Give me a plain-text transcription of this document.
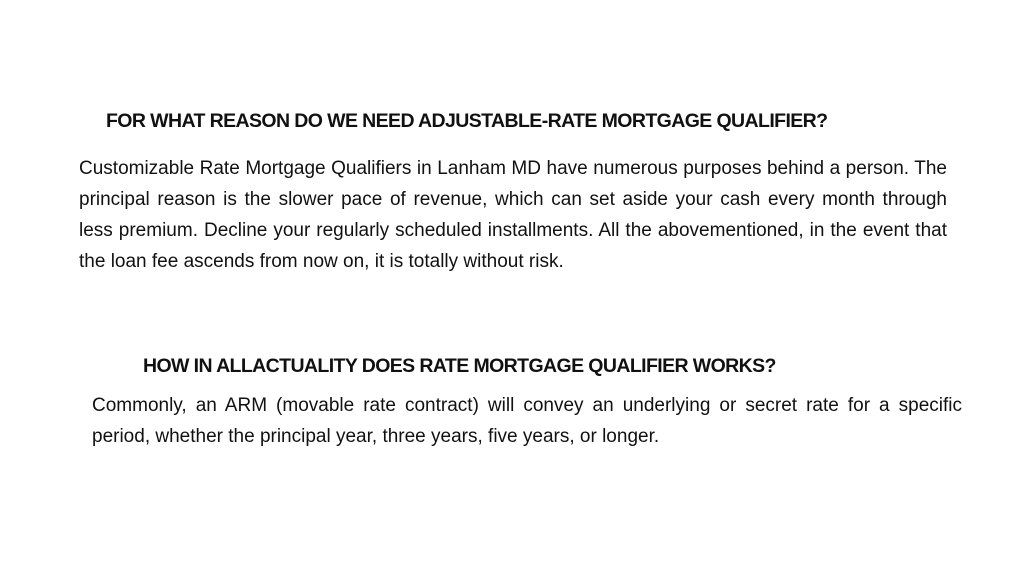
FOR WHAT REASON DO WE NEED ADJUSTABLE-RATE MORTGAGE QUALIFIER?

Customizable Rate Mortgage Qualifiers in Lanham MD have numerous purposes behind a person. The principal reason is the slower pace of revenue, which can set aside your cash every month through less premium. Decline your regularly scheduled installments. All the abovementioned, in the event that the loan fee ascends from now on, it is totally without risk.

HOW IN ALLACTUALITY DOES RATE MORTGAGE QUALIFIER WORKS?

Commonly, an ARM (movable rate contract) will convey an underlying or secret rate for a specific period, whether the principal year, three years, five years, or longer.
